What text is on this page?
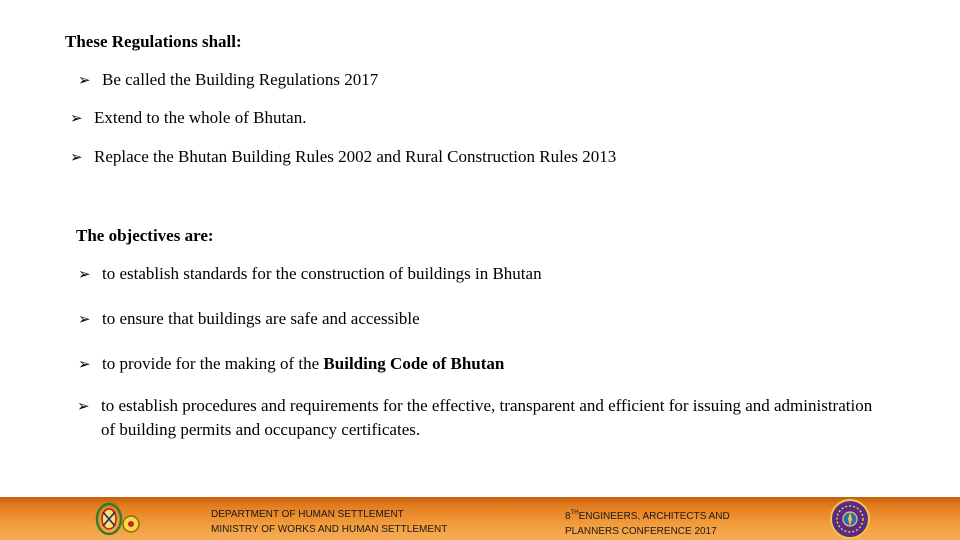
These Regulations shall:
➢ Be called the Building Regulations 2017
➢ Extend to the whole of Bhutan.
➢ Replace the Bhutan Building Rules 2002 and Rural Construction Rules 2013
The objectives are:
➢ to establish standards for the construction of buildings in Bhutan
➢ to ensure that buildings are safe and accessible
➢ to provide for the making of the Building Code of Bhutan
➢ to establish procedures and requirements for the effective, transparent and efficient for issuing and administration of building permits and occupancy certificates.
DEPARTMENT OF HUMAN SETTLEMENT
MINISTRY OF WORKS AND HUMAN SETTLEMENT
8THENGINEERS, ARCHITECTS AND
PLANNERS CONFERENCE 2017
